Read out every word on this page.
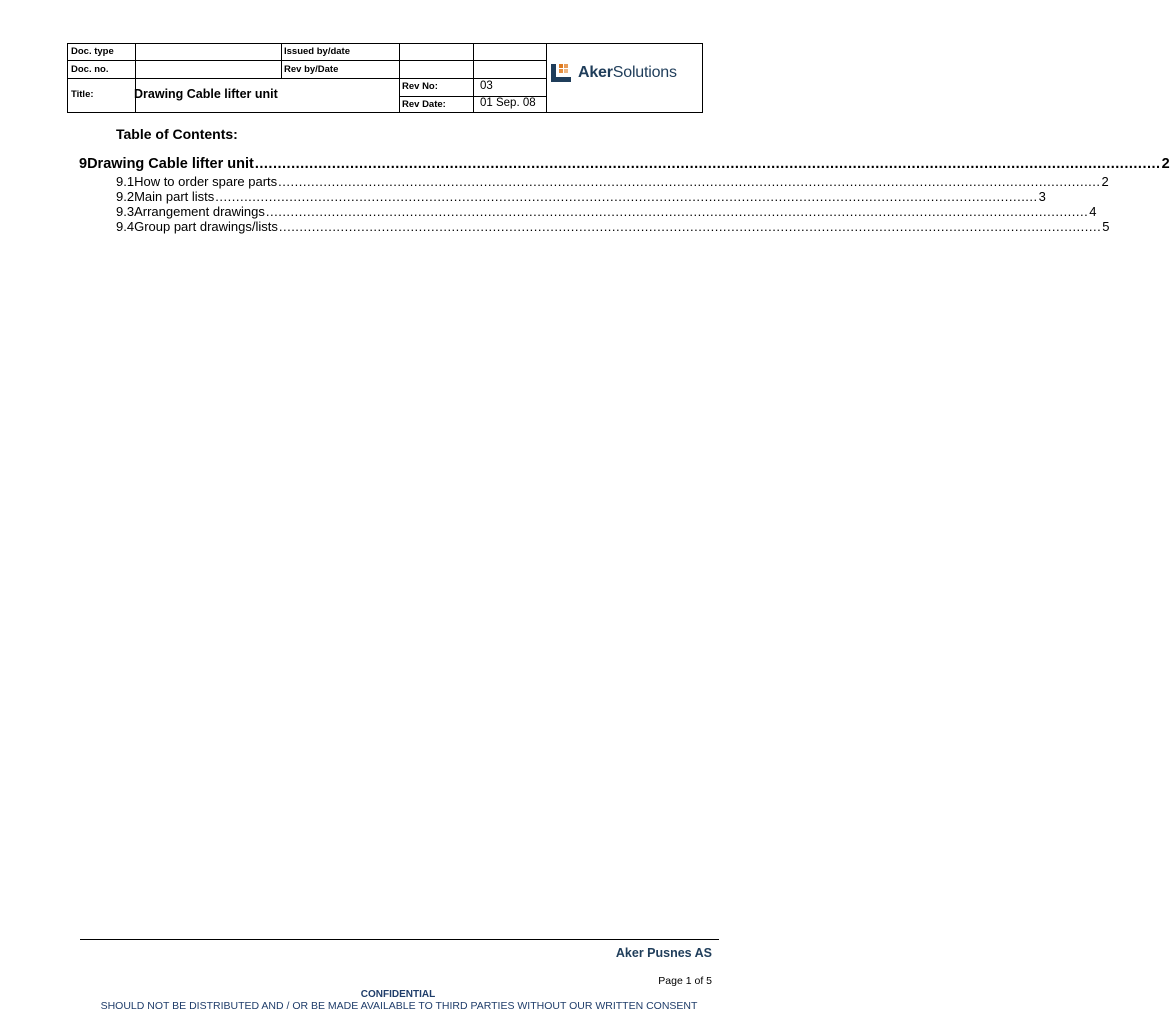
Doc. type	Issued by/date
Doc. no.	Rev by/Date
Title:	Drawing Cable lifter unit
Rev No:	03
Rev Date:	01 Sep. 08
AkerSolutions
Table of Contents:
9 Drawing Cable lifter unit ........................................................................................................................................................................................................ 2
9.1 How to order spare parts ........................................................................................................................................................................................................ 2
9.2 Main part lists ........................................................................................................................................................................................................ 3
9.3 Arrangement drawings ........................................................................................................................................................................................................ 4
9.4 Group part drawings/lists ........................................................................................................................................................................................................ 5
Aker Pusnes AS
Page 1 of 5
CONFIDENTIAL
SHOULD NOT BE DISTRIBUTED AND / OR BE MADE AVAILABLE TO THIRD PARTIES WITHOUT OUR WRITTEN CONSENT
